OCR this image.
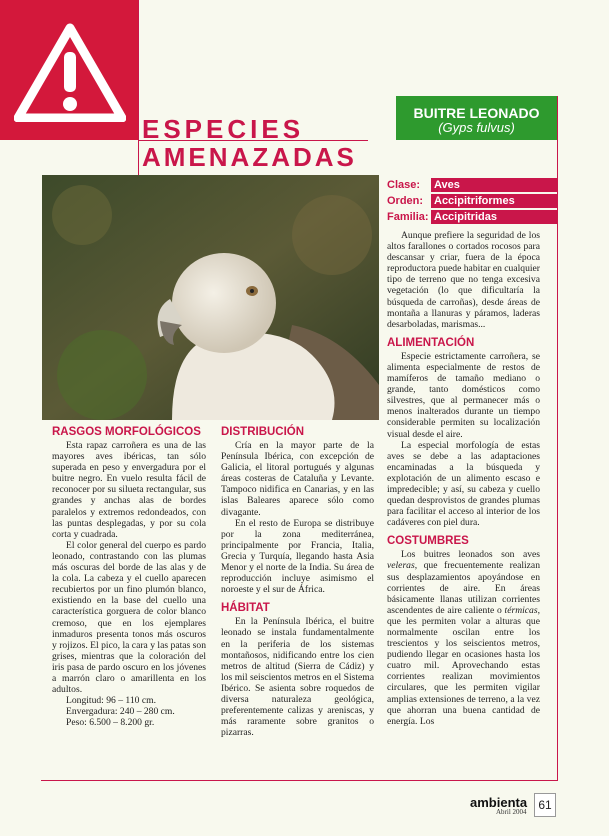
ESPECIES
AMENAZADAS
BUITRE LEONADO
(Gyps fulvus)
Clase: Aves
Orden: Accipitriformes
Familia: Accipitridas

Aunque prefiere la seguridad de los altos farallones o cortados rocosos para descansar y criar, fuera de la época reproductora puede habitar en cualquier tipo de terreno que no tenga excesiva vegetación (lo que dificultaría la búsqueda de carroñas), desde áreas de montaña a llanuras y páramos, laderas desarboladas, marismas...

ALIMENTACIÓN

Especie estrictamente carroñera, se alimenta especialmente de restos de mamíferos de tamaño mediano o grande, tanto domésticos como silvestres, que al permanecer más o menos inalterados durante un tiempo considerable permiten su localización visual desde el aire.

La especial morfología de estas aves se debe a las adaptaciones encaminadas a la búsqueda y explotación de un alimento escaso e impredecible; y así, su cabeza y cuello quedan desprovistos de grandes plumas para facilitar el acceso al interior de los cadáveres con piel dura.

COSTUMBRES

Los buitres leonados son aves veleras, que frecuentemente realizan sus desplazamientos apoyándose en corrientes de aire. En áreas básicamente llanas utilizan corrientes ascendentes de aire caliente o térmicas, que les permiten volar a alturas que normalmente oscilan entre los trescientos y los seiscientos metros, pudiendo llegar en ocasiones hasta los cuatro mil. Aprovechando estas corrientes realizan movimientos circulares, que les permiten vigilar amplias extensiones de terreno, a la vez que ahorran una buena cantidad de energía. Los

RASGOS MORFOLÓGICOS

Esta rapaz carroñera es una de las mayores aves ibéricas, tan sólo superada en peso y envergadura por el buitre negro. En vuelo resulta fácil de reconocer por su silueta rectangular, sus grandes y anchas alas de bordes paralelos y extremos redondeados, con las puntas desplegadas, y por su cola corta y cuadrada.

El color general del cuerpo es pardo leonado, contrastando con las plumas más oscuras del borde de las alas y de la cola. La cabeza y el cuello aparecen recubiertos por un fino plumón blanco, existiendo en la base del cuello una característica gorguera de color blanco cremoso, que en los ejemplares inmaduros presenta tonos más oscuros y rojizos. El pico, la cara y las patas son grises, mientras que la coloración del iris pasa de pardo oscuro en los jóvenes a marrón claro o amarillenta en los adultos.

Longitud: 96 – 110 cm.

Envergadura: 240 – 280 cm.

Peso: 6.500 – 8.200 gr.

DISTRIBUCIÓN

Cría en la mayor parte de la Península Ibérica, con excepción de Galicia, el litoral portugués y algunas áreas costeras de Cataluña y Levante. Tampoco nidifica en Canarias, y en las islas Baleares aparece sólo como divagante.

En el resto de Europa se distribuye por la zona mediterránea, principalmente por Francia, Italia, Grecia y Turquía, llegando hasta Asia Menor y el norte de la India. Su área de reproducción incluye asimismo el noroeste y el sur de África.

HÁBITAT

En la Península Ibérica, el buitre leonado se instala fundamentalmente en la periferia de los sistemas montañosos, nidificando entre los cien metros de altitud (Sierra de Cádiz) y los mil seiscientos metros en el Sistema Ibérico. Se asienta sobre roquedos de diversa naturaleza geológica, preferentemente calizas y areniscas, y más raramente sobre granitos o pizarras.

ambienta
Abril 2004 61
